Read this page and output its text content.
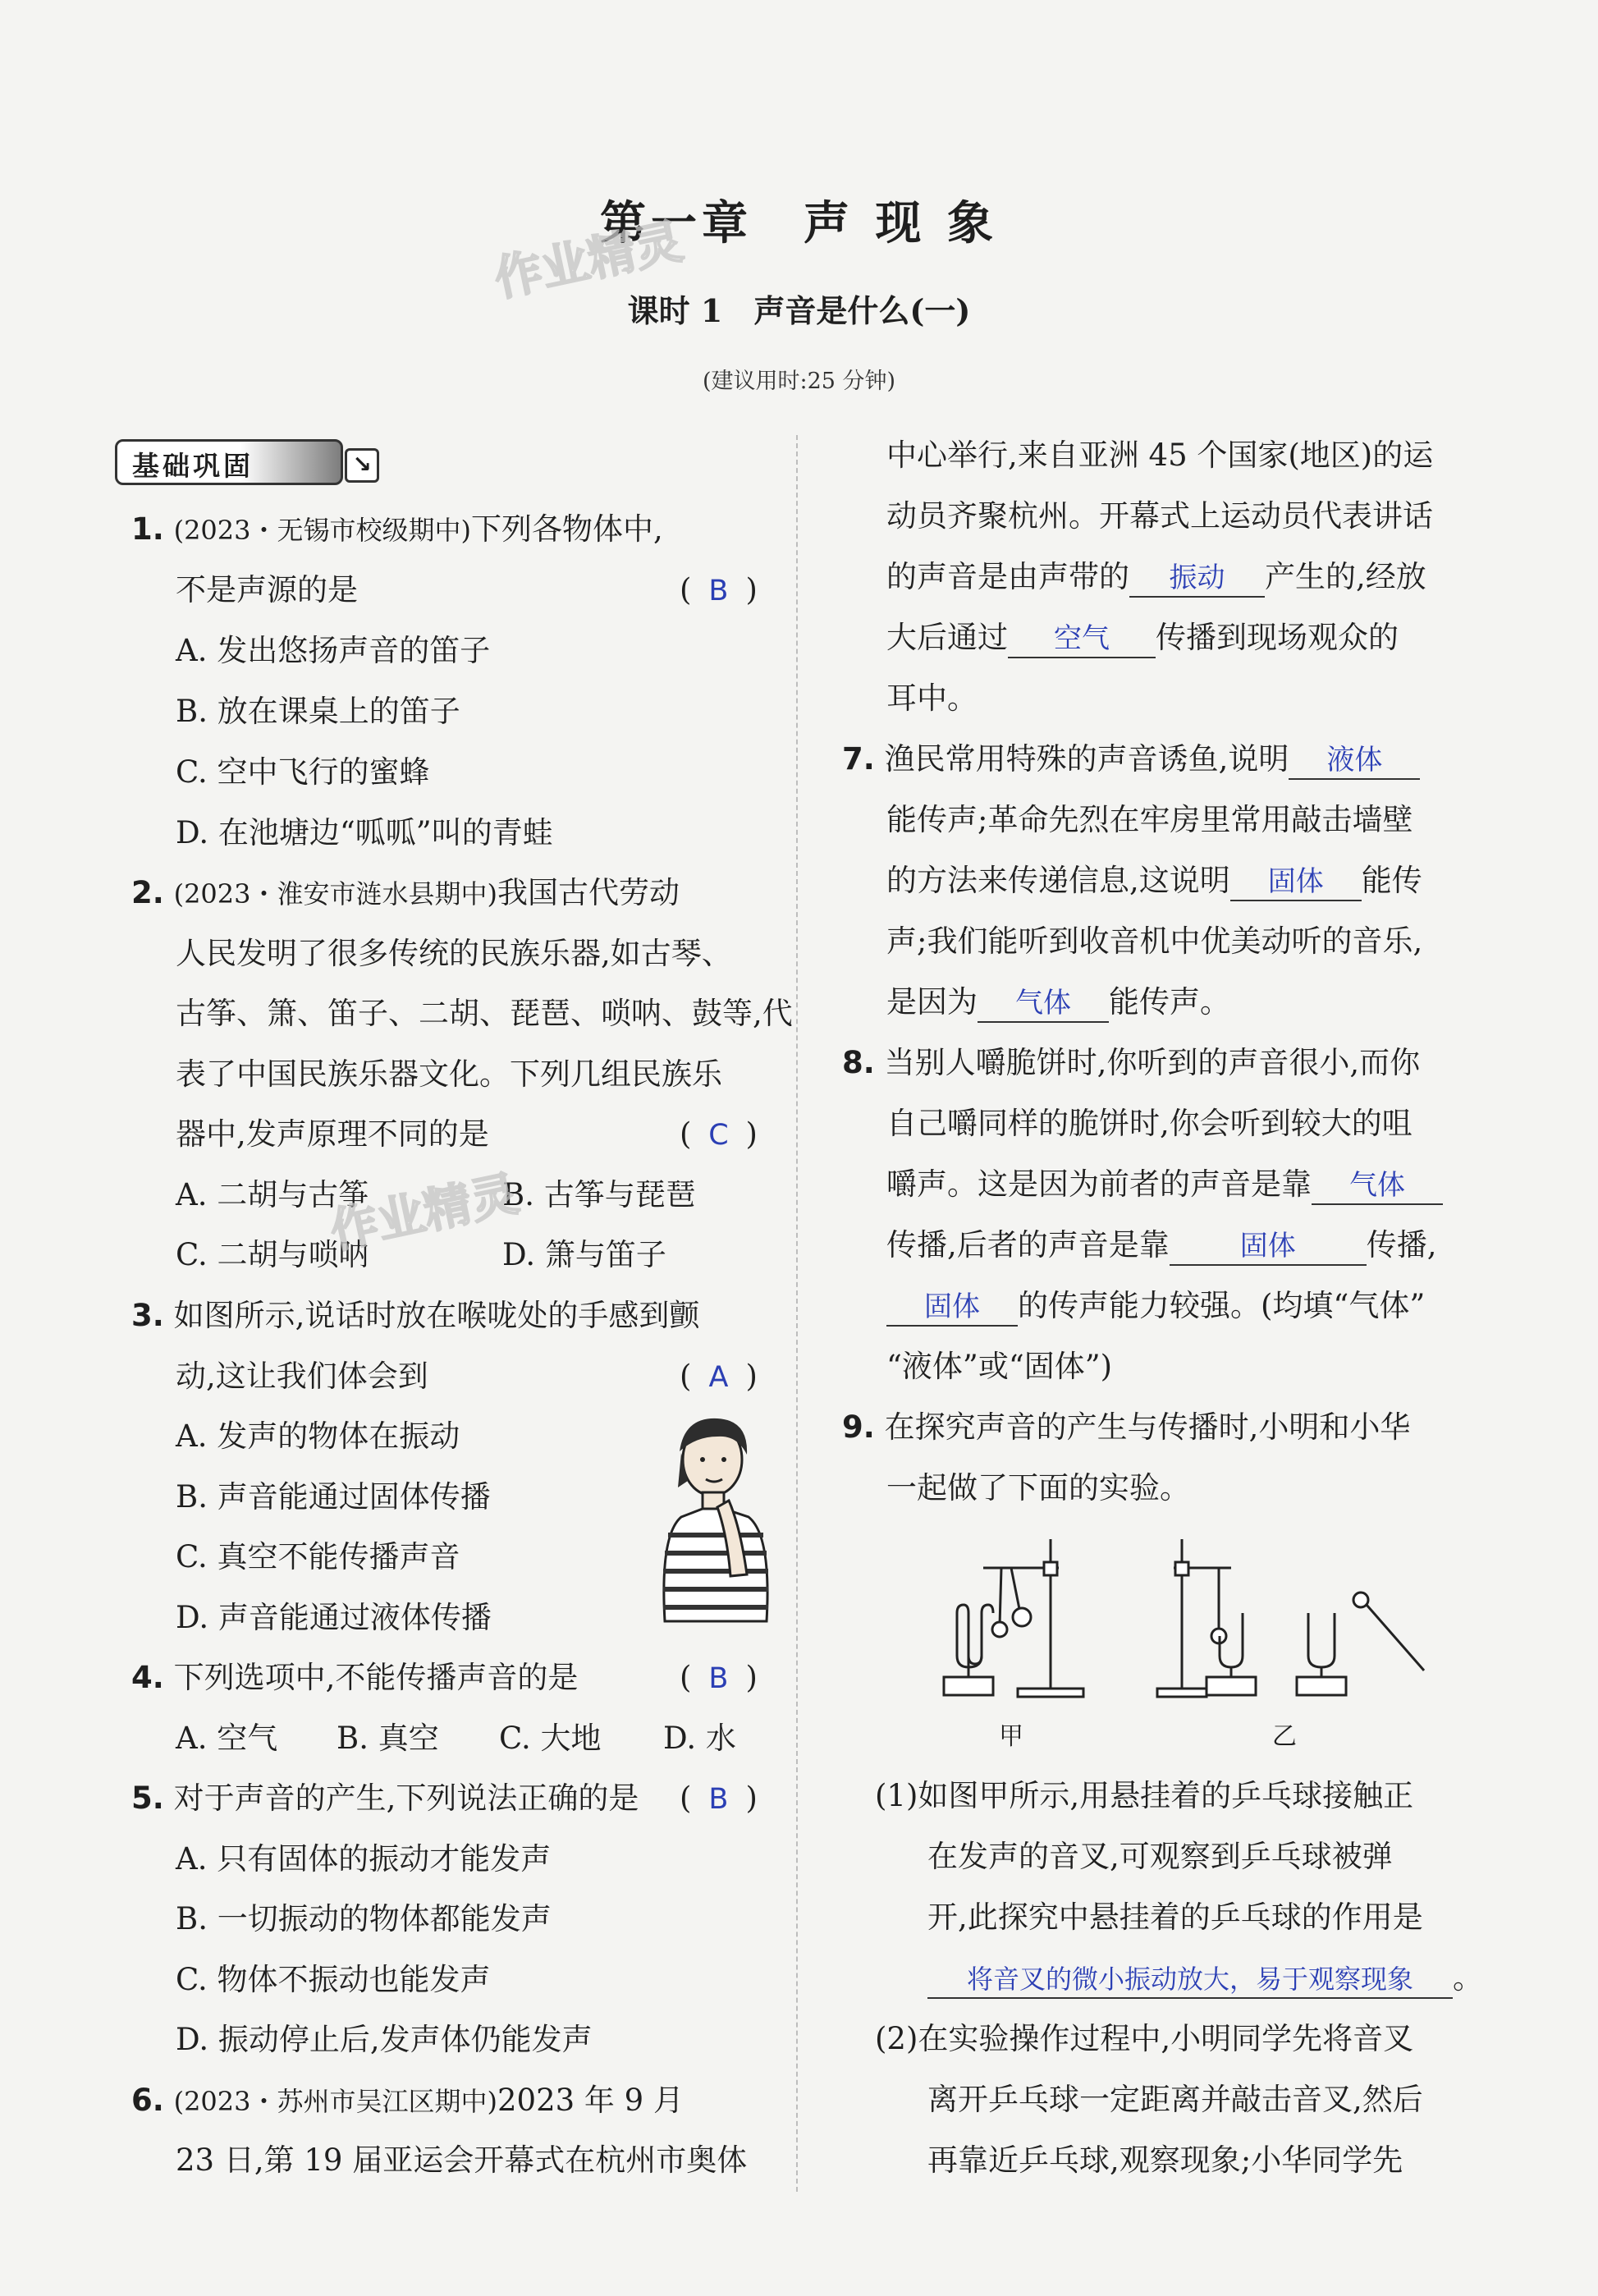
第一章　声 现 象
课时 1　声音是什么(一)
(建议用时:25 分钟)
作业精灵
基础巩固	↘
1. (2023・无锡市校级期中)下列各物体中,
不是声源的是	( B )
A. 发出悠扬声音的笛子
B. 放在课桌上的笛子
C. 空中飞行的蜜蜂
D. 在池塘边“呱呱”叫的青蛙
2. (2023・淮安市涟水县期中)我国古代劳动
人民发明了很多传统的民族乐器,如古琴、
古筝、箫、笛子、二胡、琵琶、唢呐、鼓等,代
表了中国民族乐器文化。下列几组民族乐
器中,发声原理不同的是	( C )
A. 二胡与古筝	B. 古筝与琵琶
C. 二胡与唢呐	D. 箫与笛子
作业精灵
3. 如图所示,说话时放在喉咙处的手感到颤
动,这让我们体会到	( A )
A. 发声的物体在振动
B. 声音能通过固体传播
C. 真空不能传播声音
D. 声音能通过液体传播
4. 下列选项中,不能传播声音的是	( B )
A. 空气 B. 真空 C. 大地 D. 水
5. 对于声音的产生,下列说法正确的是 ( B )
A. 只有固体的振动才能发声
B. 一切振动的物体都能发声
C. 物体不振动也能发声
D. 振动停止后,发声体仍能发声
6. (2023・苏州市吴江区期中)2023 年 9 月
23 日,第 19 届亚运会开幕式在杭州市奥体
中心举行,来自亚洲 45 个国家(地区)的运
动员齐聚杭州。开幕式上运动员代表讲话
的声音是由声带的 振动 产生的,经放
大后通过 空气 传播到现场观众的
耳中。
7. 渔民常用特殊的声音诱鱼,说明 液体
能传声;革命先烈在牢房里常用敲击墙壁
的方法来传递信息,这说明 固体 能传
声;我们能听到收音机中优美动听的音乐,
是因为 气体 能传声。
8. 当别人嚼脆饼时,你听到的声音很小,而你
自己嚼同样的脆饼时,你会听到较大的咀
嚼声。这是因为前者的声音是靠 气体
传播,后者的声音是靠	固体 传播,
固体 的传声能力较强。(均填“气体”
“液体”或“固体”)
9. 在探究声音的产生与传播时,小明和小华
一起做了下面的实验。
甲	乙
(1)如图甲所示,用悬挂着的乒乓球接触正
在发声的音叉,可观察到乒乓球被弹
开,此探究中悬挂着的乒乓球的作用是
将音叉的微小振动放大，易于观察现象 。
(2)在实验操作过程中,小明同学先将音叉
离开乒乓球一定距离并敲击音叉,然后
再靠近乒乓球,观察现象;小华同学先
